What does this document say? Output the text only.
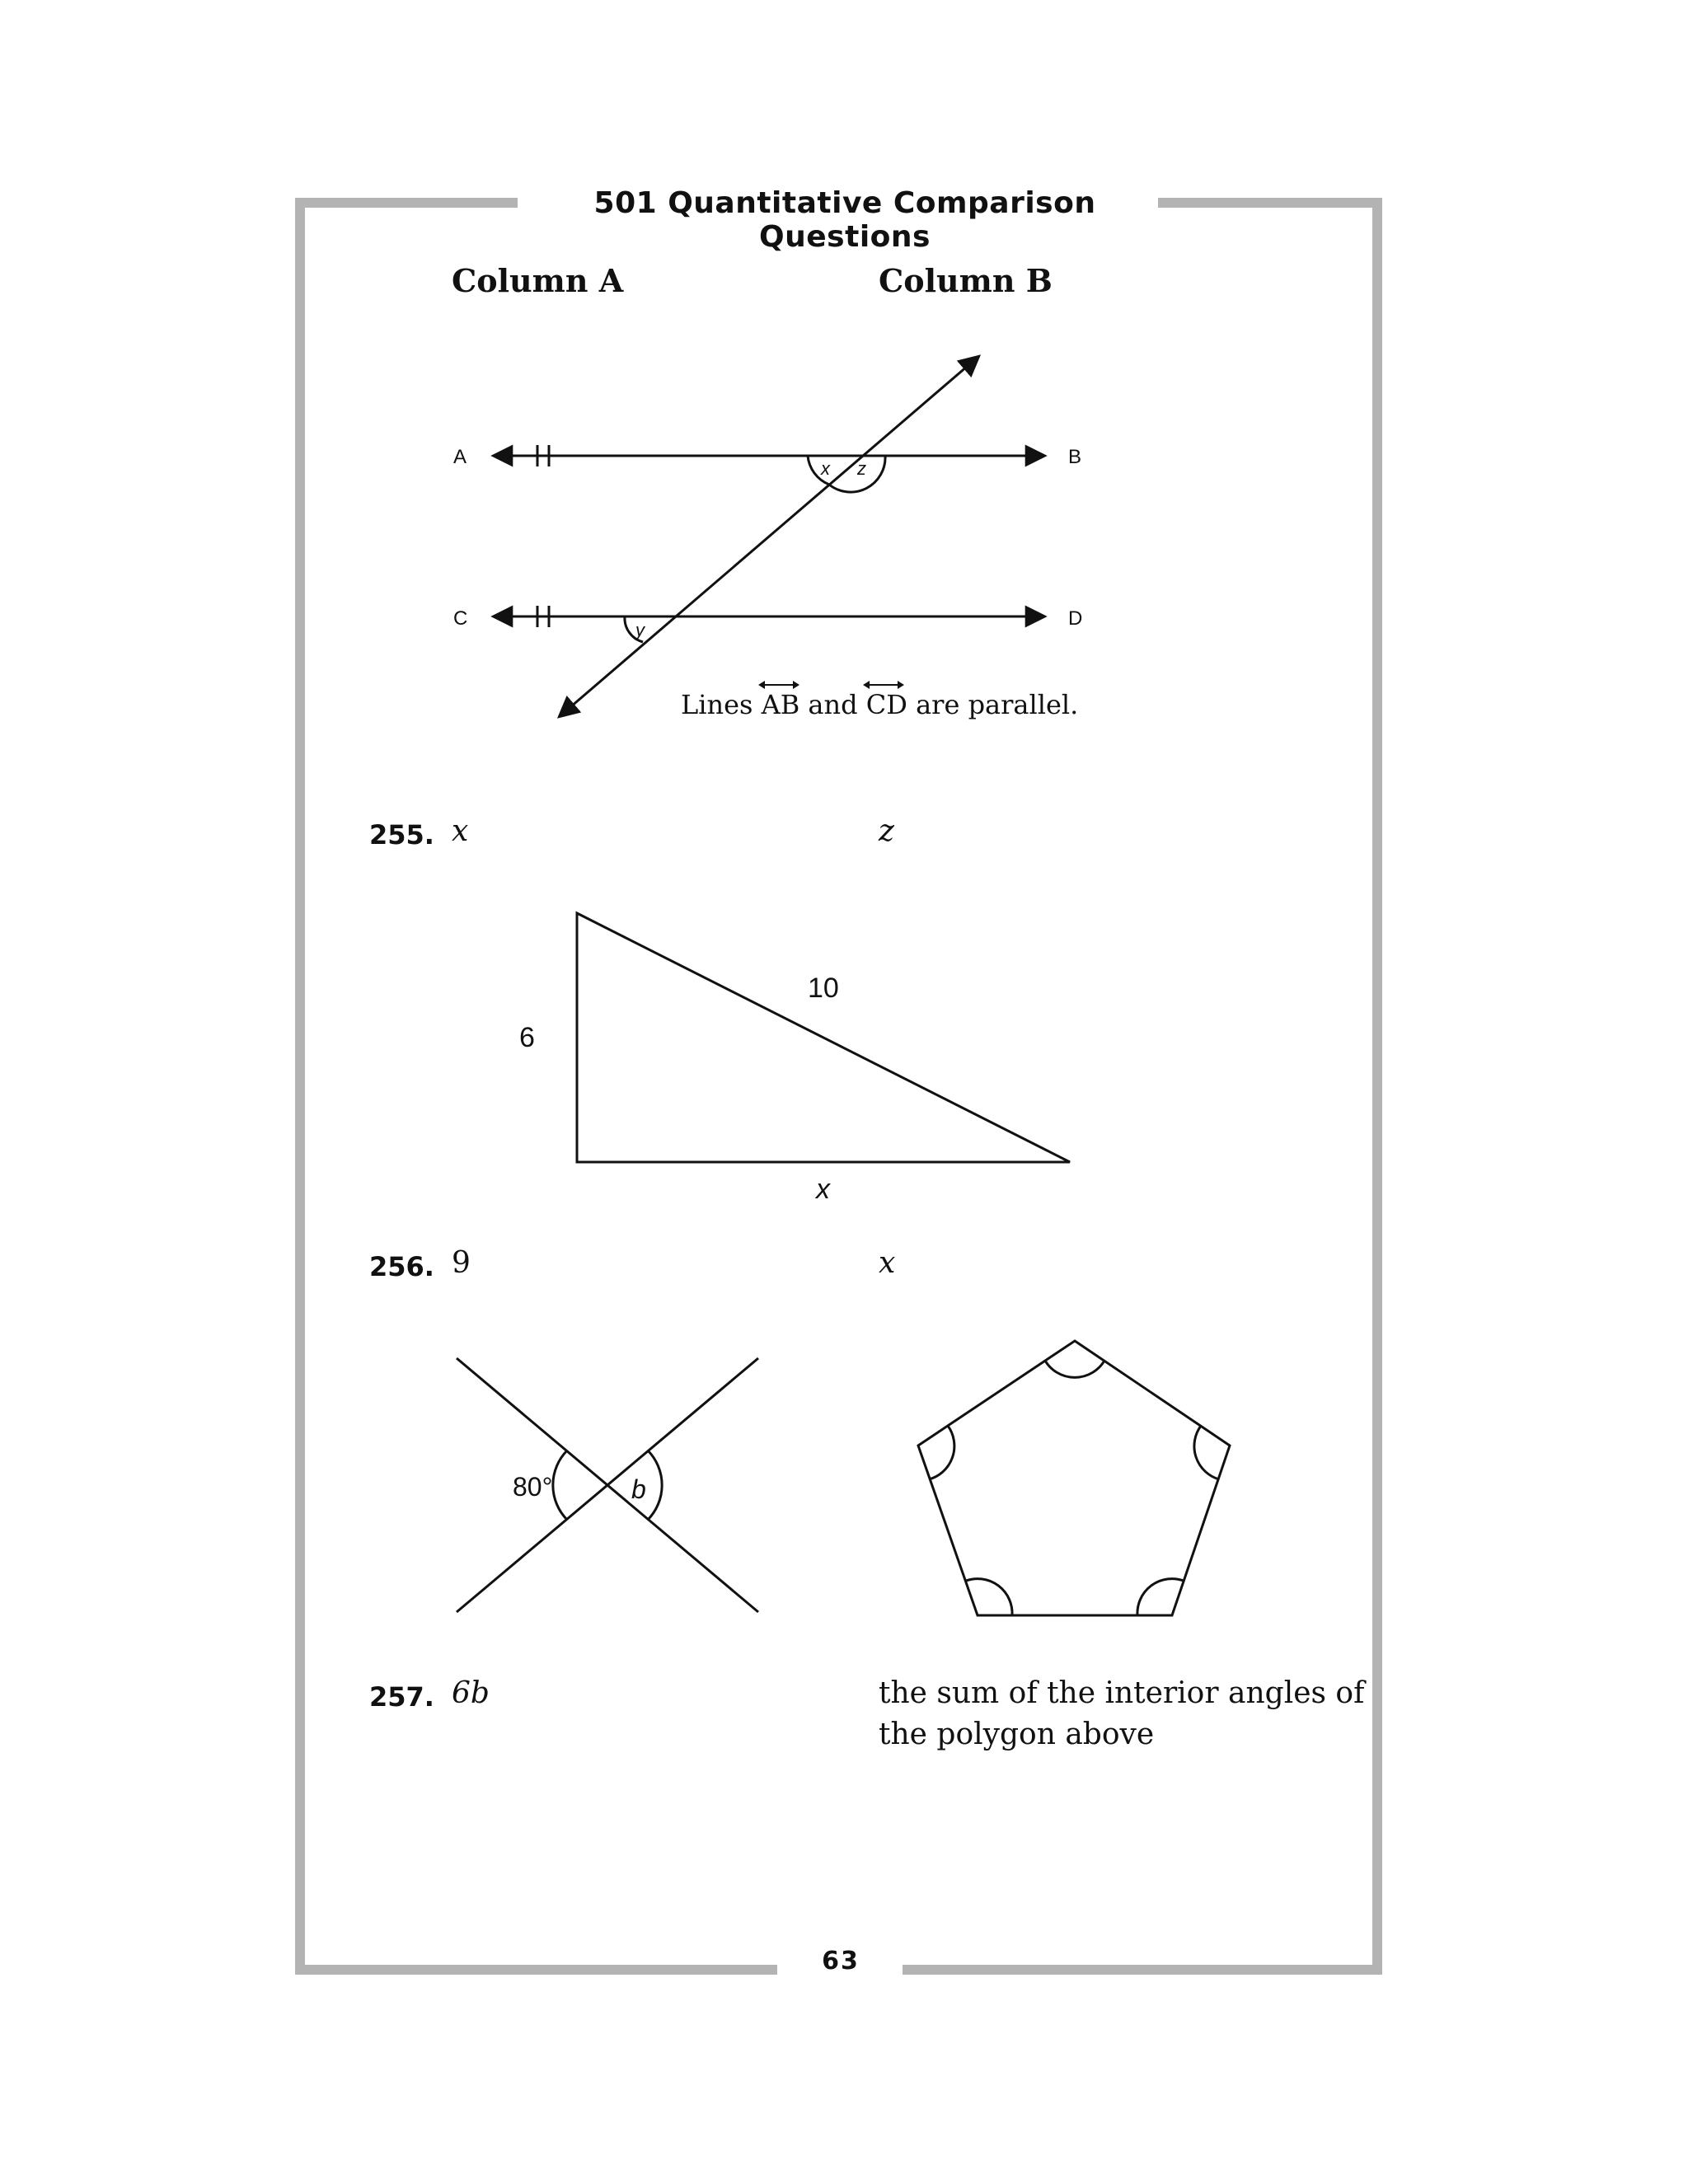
501 Quantitative Comparison Questions
Column A	Column B
A	B
C	D
x z
y
Lines
AB and
CD are parallel.
255. x	z
6
10
x
256. 9	x
80°	b
257. 6b	the sum of the interior angles of
the polygon above
63
